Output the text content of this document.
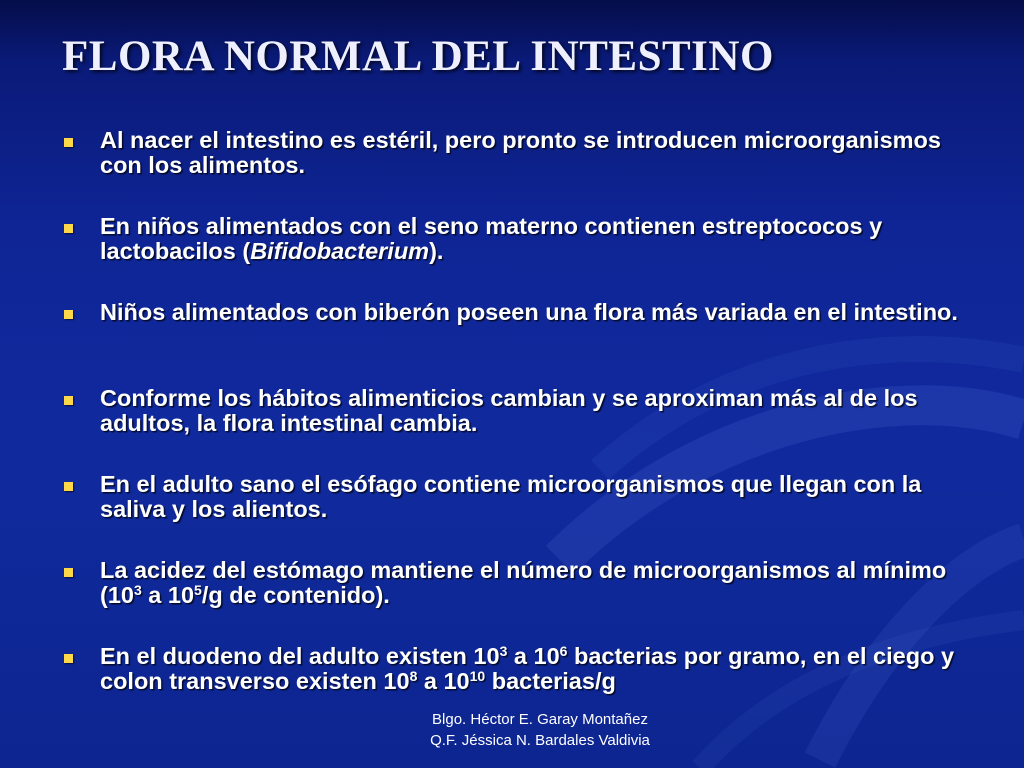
FLORA NORMAL DEL INTESTINO
Al nacer el intestino es estéril, pero pronto se introducen microorganismos con los alimentos.
En niños alimentados con el seno materno contienen estreptococos y lactobacilos (Bifidobacterium).
Niños alimentados con biberón poseen una flora más variada en el intestino.
Conforme los hábitos alimenticios cambian y se aproximan más al de los adultos, la flora intestinal cambia.
En el adulto sano el esófago contiene microorganismos que llegan con la saliva y los alientos.
La acidez del estómago mantiene el número de microorganismos al mínimo ($10^3$ a $10^5/g$ de contenido).
En el duodeno del adulto existen $10^3$ a $10^6$ bacterias por gramo, en el ciego y colon transverso existen $10^8$ a $10^{10}$ bacterias/g
Blgo. Héctor E. Garay Montañez
Q.F. Jéssica N. Bardales Valdivia
